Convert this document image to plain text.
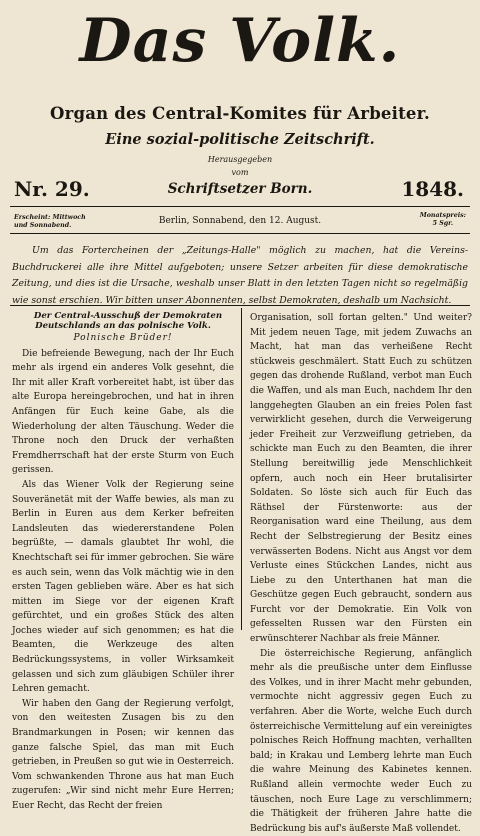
Das Volk.
Organ des Central-Komites für Arbeiter.
Eine sozial-politische Zeitschrift.
Herausgegeben
vom
Nr. 29.	Schriftsetzer Born.	1848.
Erscheint: Mittwoch
und Sonnabend.	Berlin, Sonnabend, den 12. August.
Monatspreis:
5 Sgr.
Um das Fortercheinen der „Zeitungs-Halle" möglich zu machen, hat die Vereins-Buchdruckerei alle ihre Mittel aufgeboten; unsere Setzer arbeiten für diese demokratische Zeitung, und dies ist die Ursache, weshalb unser Blatt in den letzten Tagen nicht so regelmäßig wie sonst erschien. Wir bitten unser Abonnenten, selbst Demokraten, deshalb um Nachsicht.

Der Central-Ausschuß der Demokraten Deutschlands an das polnische Volk.

Polnische Brüder!

Die befreiende Bewegung, nach der Ihr Euch mehr als irgend ein anderes Volk gesehnt, die Ihr mit aller Kraft vorbereitet habt, ist über das alte Europa hereingebrochen, und hat in ihren Anfängen für Euch keine Gabe, als die Wiederholung der alten Täuschung. Weder die Throne noch den Druck der verhaßten Fremdherrschaft hat der erste Sturm von Euch gerissen.

Als das Wiener Volk der Regierung seine Souveränetät mit der Waffe bewies, als man zu Berlin in Euren aus dem Kerker befreiten Landsleuten das wiedererstandene Polen begrüßte, — damals glaubtet Ihr wohl, die Knechtschaft sei für immer gebrochen. Sie wäre es auch sein, wenn das Volk mächtig wie in den ersten Tagen geblieben wäre. Aber es hat sich mitten im Siege vor der eigenen Kraft gefürchtet, und ein großes Stück des alten Joches wieder auf sich genommen; es hat die Beamten, die Werkzeuge des alten Bedrückungssystems, in voller Wirksamkeit gelassen und sich zum gläubigen Schüler ihrer Lehren gemacht.

Wir haben den Gang der Regierung verfolgt, von den weitesten Zusagen bis zu den Brandmarkungen in Posen; wir kennen das ganze falsche Spiel, das man mit Euch getrieben, in Preußen so gut wie in Oesterreich. Vom schwankenden Throne aus hat man Euch zugerufen: „Wir sind nicht mehr Eure Herren; Euer Recht, das Recht der freien

Organisation, soll fortan gelten." Und weiter? Mit jedem neuen Tage, mit jedem Zuwachs an Macht, hat man das verheißene Recht stückweis geschmälert. Statt Euch zu schützen gegen das drohende Rußland, verbot man Euch die Waffen, und als man Euch, nachdem Ihr den langgehegten Glauben an ein freies Polen fast verwirklicht gesehen, durch die Verweigerung jeder Freiheit zur Verzweiflung getrieben, da schickte man Euch zu den Beamten, die ihrer Stellung bereitwillig jede Menschlichkeit opfern, auch noch ein Heer brutalisirter Soldaten. So löste sich auch für Euch das Räthsel der Fürstenworte: aus der Reorganisation ward eine Theilung, aus dem Recht der Selbstregierung der Besitz eines verwässerten Bodens. Nicht aus Angst vor dem Verluste eines Stückchen Landes, nicht aus Liebe zu den Unterthanen hat man die Geschütze gegen Euch gebraucht, sondern aus Furcht vor der Demokratie. Ein Volk von gefesselten Russen war den Fürsten ein erwünschterer Nachbar als freie Männer.

Die österreichische Regierung, anfänglich mehr als die preußische unter dem Einflusse des Volkes, und in ihrer Macht mehr gebunden, vermochte nicht aggressiv gegen Euch zu verfahren. Aber die Worte, welche Euch durch österreichische Vermittelung auf ein vereinigtes polnisches Reich Hoffnung machten, verhallten bald; in Krakau und Lemberg lehrte man Euch die wahre Meinung des Kabinetes kennen. Rußland allein vermochte weder Euch zu täuschen, noch Eure Lage zu verschlimmern; die Thätigkeit der früheren Jahre hatte die Bedrückung bis auf's äußerste Maß vollendet.
